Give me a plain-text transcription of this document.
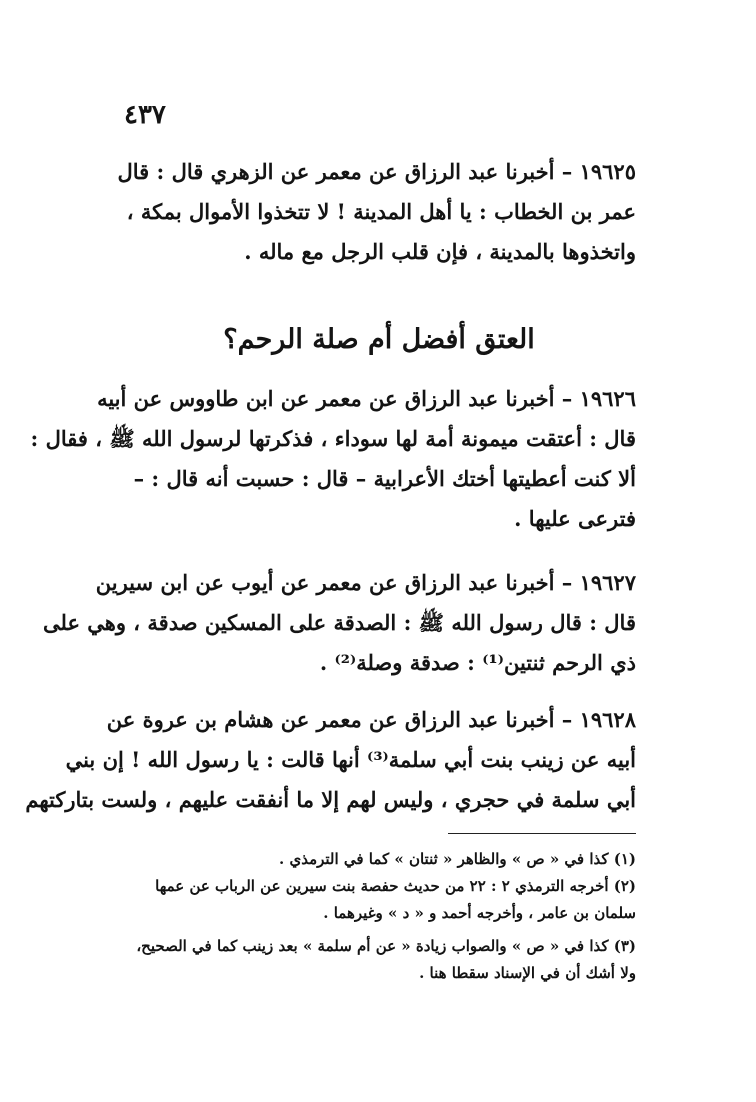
٤٣٧
١٩٦٢٥ – أخبرنا عبد الرزاق عن معمر عن الزهري قال : قال
عمر بن الخطاب : يا أهل المدينة ! لا تتخذوا الأموال بمكة ،
واتخذوها بالمدينة ، فإن قلب الرجل مع ماله .
العتق أفضل أم صلة الرحم؟
١٩٦٢٦ – أخبرنا عبد الرزاق عن معمر عن ابن طاووس عن أبيه
قال : أعتقت ميمونة أمة لها سوداء ، فذكرتها لرسول الله ﷺ ، فقال :
ألا كنت أعطيتها أختك الأعرابية – قال : حسبت أنه قال : –
فترعى عليها .
١٩٦٢٧ – أخبرنا عبد الرزاق عن معمر عن أيوب عن ابن سيرين
قال : قال رسول الله ﷺ : الصدقة على المسكين صدقة ، وهي على
ذي الرحم ثنتين⁽¹⁾ : صدقة وصلة⁽²⁾ .
١٩٦٢٨ – أخبرنا عبد الرزاق عن معمر عن هشام بن عروة عن
أبيه عن زينب بنت أبي سلمة⁽³⁾ أنها قالت : يا رسول الله ! إن بني
أبي سلمة في حجري ، وليس لهم إلا ما أنفقت عليهم ، ولست بتاركتهم
(١) كذا في « ص » والظاهر « ثنتان » كما في الترمذي .
(٢) أخرجه الترمذي ٢ : ٢٢ من حديث حفصة بنت سيرين عن الرباب عن عمها
سلمان بن عامر ، وأخرجه أحمد و « د » وغيرهما .
(٣) كذا في « ص » والصواب زيادة « عن أم سلمة » بعد زينب كما في الصحيح،
ولا أشك أن في الإسناد سقطا هنا .
